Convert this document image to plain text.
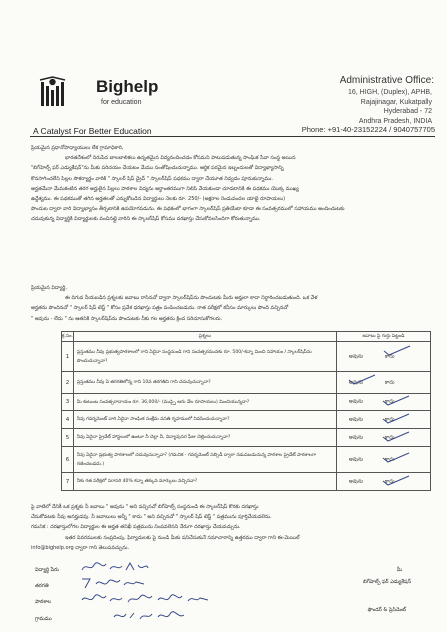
Bighelp
for education
A Catalyst For Better Education
Administrative Office:
16, HIGH, (Duplex), APHB,
Rajajinagar, Kukatpally
Hyderabad - 72
Andhra Pradesh, INDIA
Phone: +91-40-23152224 / 9040757705
ప్రియమైన ప్రధానోపాధ్యాయులు లేక గ్రామాధికారి,
భారతదేశంలో నిరుపేద బాలబాలికలు ఉన్నతమైన విద్యనందించడం కోసమని పాటుపడుతున్న సాంఘిక సేవా సంస్థ అయిన
"బిగ్‌హెల్ప్ ఫర్ ఎడ్యుకేషన్"ను మీకు పరిచయం చేయటం మేము సంతోషించుచున్నాము. ఆర్థిక పరమైన ఇబ్బందులతో విద్యాభ్యాసాన్ని
కొనసాగించలేని పిల్లల సౌకర్యార్థం వారికి " స్కాలర్ షిప్ డ్రైవ్ " స్కాలర్‌షిప్ పధకము ద్వారా చేయూత నివ్వడం పూనుకున్నాము.
అర్హతమేనా మేమకంటిన తరగ అర్హులైన పిల్లలు పాఠశాల విద్యను అర్థాంతరముగా నిలిపి వేయకుండా చూడటానికి ఈ పథకము యొక్క ముఖ్య
ఉద్దేశ్యము. ఈ పథకముతో తగిన అర్హతలతో ఎన్నుకోబడిన విద్యార్థులు నెలకు రూ. 250/- (అక్షరాల రెండువందల యాభై రూపాయలు)
పొందుట ద్వారా వారి విద్యాభ్యాసం తీర్చటానికి ఉపయోగపడును. ఈ పథకంలో భాగంగా స్కాలర్‌షిప్ ప్రతియేటా కూడా ఈ సంవత్సరములో సహాయము అందించుటకు
చదువుకున్న విద్యార్థికి విద్యార్థులకు వంచినట్లై వారిని ఈ స్కాలర్‌షిప్ కోసము దరఖాస్తు చేసుకోవలసిందిగా కోరుతున్నాము.
ప్రియమైన విద్యార్థి,
ఈ దిగువ నీయబడిన ప్రశ్నలకు జవాబు రాసినచో ద్వారా స్కాలర్‌షిప్‌ను పొందుటకు మీరు అర్హులా కాదా నిర్ధారించబడుతుంది. ఒక వేళ
అర్హతను పొందినచో " స్కాలర్ షిప్ టెస్ట్ " కోసం ప్రవేశ ధరఖాస్తు పత్రం పంపించబడును. రాత పరీక్షలో కనీసం మార్కులు పొంది వచ్చినచో
" అవును - లేదు " ను ఆతనికి స్కాలర్‌షిప్‌ను పొందుటకు నీకు గల అర్హతను క్రింద సరిచూసుకోగలరు.
క్ర.సం.	ప్రశ్నలు	జవాబు పై గుర్తు పెట్టండి
1	ప్రస్తుతము నీవు ప్రభుత్వపాఠశాలలో గాని ఏదైనా సంస్థనుండి గాని సంవత్సరమునకు రూ. 500/-కన్నా మించి సహాయం / స్కాలర్‌షిప్‌ను పొందుచున్నావా?	అవును కాదు

2	ప్రస్తుతము నీవు ఏ తరగతిలోన్న గాని 10వ తరగతిని గాని చదువుచున్నావా?	అవును కాదు

3	మీ కుటుంబ సంవత్సరాదాయం రూ. 36,000/- (ముప్పై ఆరు వేల రూపాయలు) మించియున్నదా?	అవును కాదు

4	నీవు గవర్నమెంట్ వారి ఏదైనా సాంఘిక సంక్షేమ వసతి గృహములో నివసించుచున్నావా?	అవును కాదు

5	నీవు ఏదైనా ప్రైవేట్ హాస్టలులో ఉంటూ నీ చెల్లా వీ, విద్యావుసర ఫీజు చెల్లించుచున్నావా?	అవును కాదు

6	నీవు ఏదైనా ప్రభుత్వ పాఠశాలలో చదువుచున్నావా? (గమనిక - గవర్నమెంట్ సబ్సిడీ ద్వారా నడుపబడుచున్న పాఠశాల ప్రైవేట్ పాఠశాలగా గణించబడదు.)	అవును కాదు

7	నీకు గత పరీక్షలో సరాసరి 40% కన్నా తక్కువ మార్కులు వచ్చినవా?	అవును కాదు
పై వాటిలో దేనికీ ఒక ప్రశ్నకు నీ జవాబు " అవును " అని వచ్చినచో బిగ్‌హెల్ప్ సంస్థనుండి ఈ స్కాలర్‌షిప్ కొరకు దరఖాస్తు
చేసుకోవటకు నీవు అనర్హుడవు. నీ జవాబులు అన్నీ " కాదు " అని వచ్చినచో " స్కాలర్ షిప్ టెస్ట్ " పత్రమును పూర్తిచేయవలెను.
గమనిక : దరఖాస్తులోగల విద్యార్థుల ఈ అర్హత తనిఖీ పత్రమును నింపవలెనని నేరుగా దరఖాస్తు చేయవచ్చును.
ఇతర వివరములకు సంప్రదింపు, ఫిర్యాదులకు పై నుండి మీకు పనిచేసుకునే సమాచారాన్ని ఉత్తరము ద్వారా గాని ఈ-మెయిల్
info@bighelp.org ద్వారా గాని తెలుపవచ్చును.
విద్యార్థి పేరు
తరగతి
పాఠశాల
గ్రామము
మీ
బిగ్‌హెల్ప్ ఫర్ ఎడ్యుకేషన్
ఫౌండర్ & ప్రెసిడెంట్
